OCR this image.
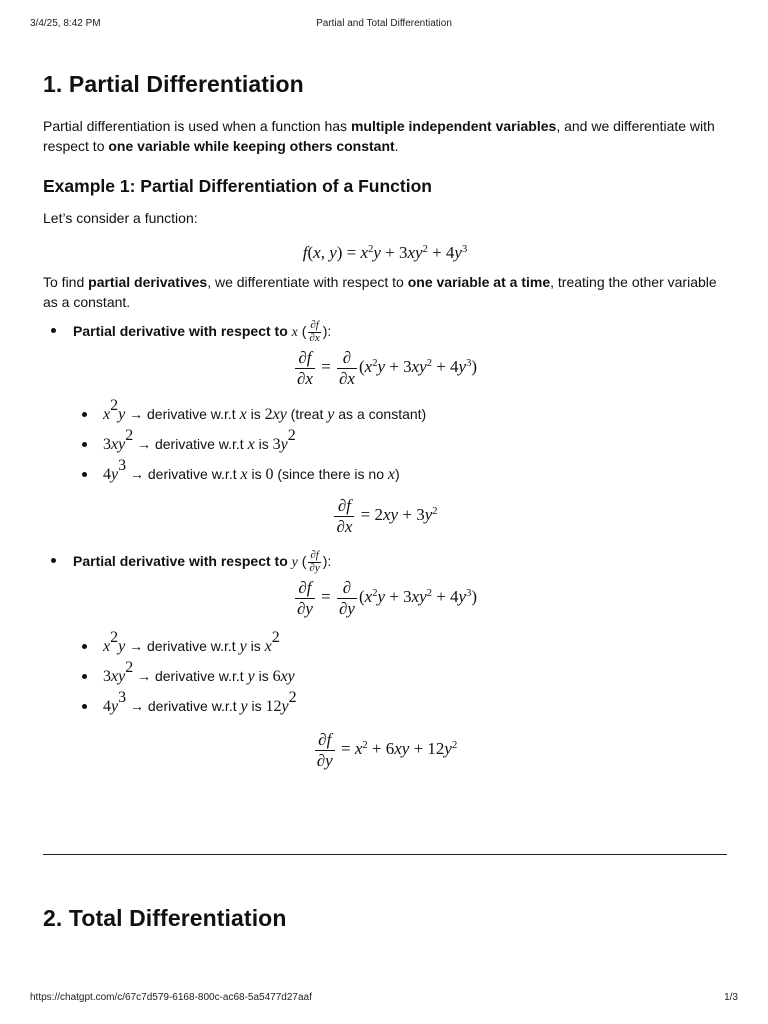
3/4/25, 8:42 PM	Partial and Total Differentiation
1. Partial Differentiation

Partial differentiation is used when a function has multiple independent variables, and we differentiate with respect to one variable while keeping others constant.

Example 1: Partial Differentiation of a Function

Let’s consider a function:

f(x, $y) = x^2y + 3xy^2 + 4y^3$

To find partial derivatives, we differentiate with respect to one variable at a time, treating the other variable as a constant.

Partial derivative with respect to x ( $\frac{\partial f}{\partial x}$ ):
$\frac{\partial f}{\partial x} = \frac{\partial}{\partial x} (x^2y + 3xy^2 + 4y^3)$
$x^2y$ → derivative w.r.t x is 2xy (treat y as a constant)
$3xy^2$ → derivative w.r.t x is $3y^2$
$4y^3$ → derivative w.r.t x is 0 (since there is no x)
$\frac{\partial f}{\partial x} = 2xy + 3y^2$
Partial derivative with respect to y ( $\frac{\partial f}{\partial y}$ ):
$\frac{\partial f}{\partial y} = \frac{\partial}{\partial y} (x^2y + 3xy^2 + 4y^3)$
$x^2y$ → derivative w.r.t y is $x^2$
$3xy^2$ → derivative w.r.t y is 6xy
$4y^3$ → derivative w.r.t y is $12y^2$
$\frac{\partial f}{\partial y} = x^2 + 6xy + 12y^2$
2. Total Differentiation
https://chatgpt.com/c/67c7d579-6168-800c-ac68-5a5477d27aaf	1/3
